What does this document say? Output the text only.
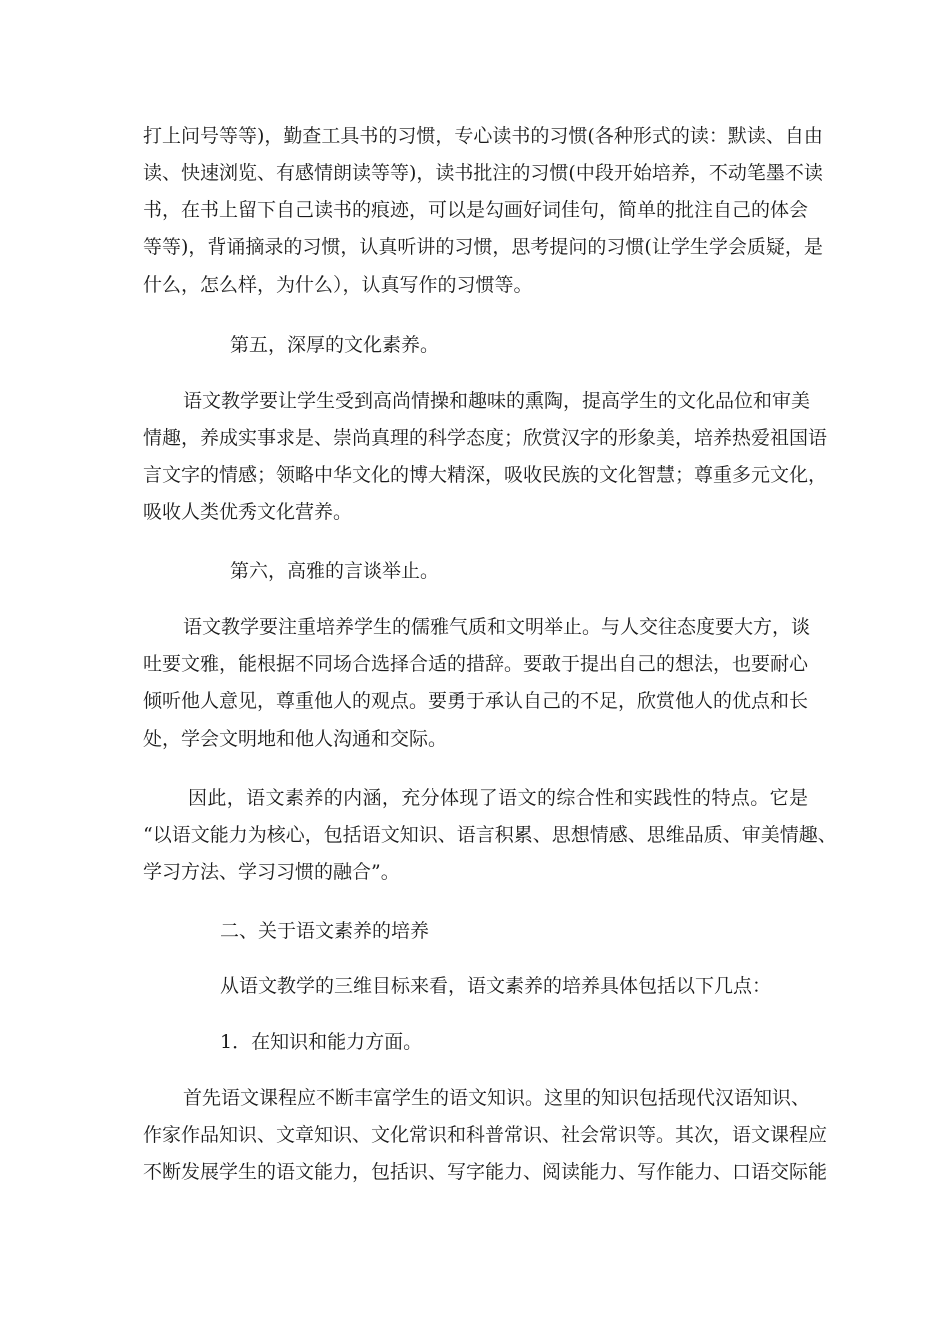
打上问号等等)，勤查工具书的习惯，专心读书的习惯(各种形式的读：默读、自由
读、快速浏览、有感情朗读等等)，读书批注的习惯(中段开始培养，不动笔墨不读
书，在书上留下自己读书的痕迹，可以是勾画好词佳句，简单的批注自己的体会
等等)，背诵摘录的习惯，认真听讲的习惯，思考提问的习惯(让学生学会质疑，是
什么，怎么样，为什么），认真写作的习惯等。
第五，深厚的文化素养。
语文教学要让学生受到高尚情操和趣味的熏陶，提高学生的文化品位和审美
情趣，养成实事求是、崇尚真理的科学态度；欣赏汉字的形象美，培养热爱祖国语
言文字的情感；领略中华文化的博大精深，吸收民族的文化智慧；尊重多元文化，
吸收人类优秀文化营养。
第六，高雅的言谈举止。
语文教学要注重培养学生的儒雅气质和文明举止。与人交往态度要大方，谈
吐要文雅，能根据不同场合选择合适的措辞。要敢于提出自己的想法，也要耐心
倾听他人意见，尊重他人的观点。要勇于承认自己的不足，欣赏他人的优点和长
处，学会文明地和他人沟通和交际。
因此，语文素养的内涵，充分体现了语文的综合性和实践性的特点。它是
“以语文能力为核心，包括语文知识、语言积累、思想情感、思维品质、审美情趣、
学习方法、学习习惯的融合”。
二、关于语文素养的培养
从语文教学的三维目标来看，语文素养的培养具体包括以下几点：
1．在知识和能力方面。
首先语文课程应不断丰富学生的语文知识。这里的知识包括现代汉语知识、
作家作品知识、文章知识、文化常识和科普常识、社会常识等。其次，语文课程应
不断发展学生的语文能力，包括识、写字能力、阅读能力、写作能力、口语交际能
